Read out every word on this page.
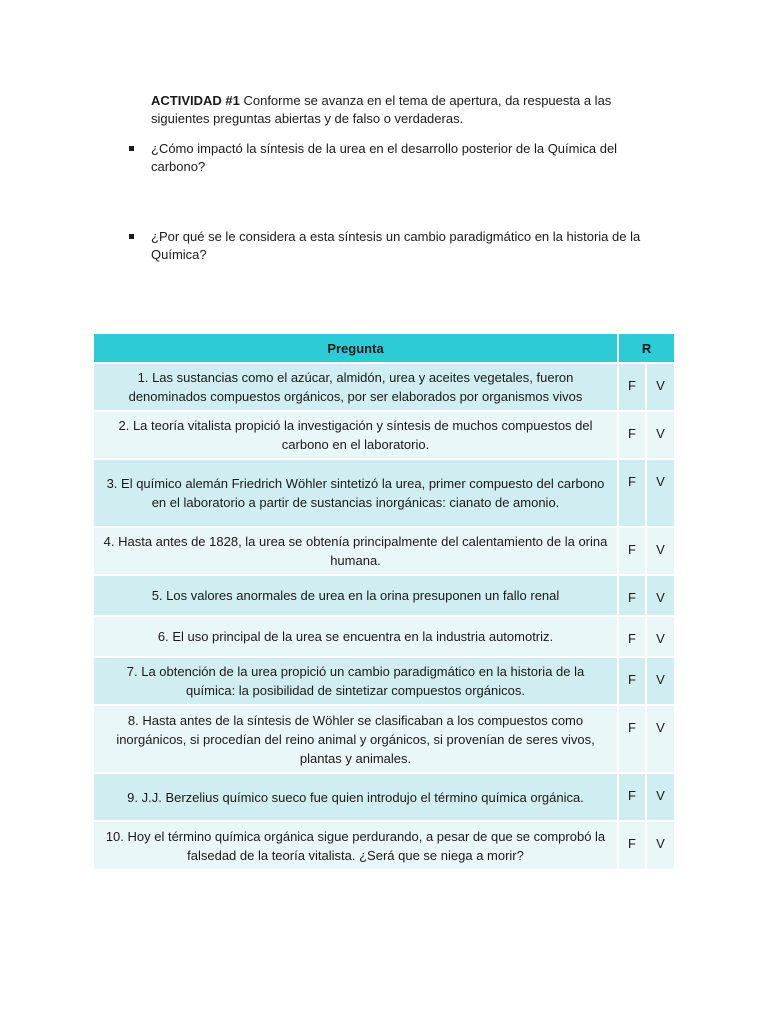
ACTIVIDAD #1 Conforme se avanza en el tema de apertura, da respuesta a las siguientes preguntas abiertas y de falso o verdaderas.
¿Cómo impactó la síntesis de la urea en el desarrollo posterior de la Química del carbono?
¿Por qué se le considera a esta síntesis un cambio paradigmático en la historia de la Química?
Pregunta	R	
1. Las sustancias como el azúcar, almidón, urea y aceites vegetales, fueron denominados compuestos orgánicos, por ser elaborados por organismos vivos	F	V
2. La teoría vitalista propició la investigación y síntesis de muchos compuestos del carbono en el laboratorio.	F	V
3. El químico alemán Friedrich Wöhler sintetizó la urea, primer compuesto del carbono en el laboratorio a partir de sustancias inorgánicas: cianato de amonio.	F	V
4. Hasta antes de 1828, la urea se obtenía principalmente del calentamiento de la orina humana.	F	V
5. Los valores anormales de urea en la orina presuponen un fallo renal	F	V
6. El uso principal de la urea se encuentra en la industria automotriz.	F	V
7. La obtención de la urea propició un cambio paradigmático en la historia de la química: la posibilidad de sintetizar compuestos orgánicos.	F	V
8. Hasta antes de la síntesis de Wöhler se clasificaban a los compuestos como inorgánicos, si procedían del reino animal y orgánicos, si provenían de seres vivos, plantas y animales.	F	V
9. J.J. Berzelius químico sueco fue quien introdujo el término química orgánica.	F	V
10. Hoy el término química orgánica sigue perdurando, a pesar de que se comprobó la falsedad de la teoría vitalista. ¿Será que se niega a morir?	F	V
